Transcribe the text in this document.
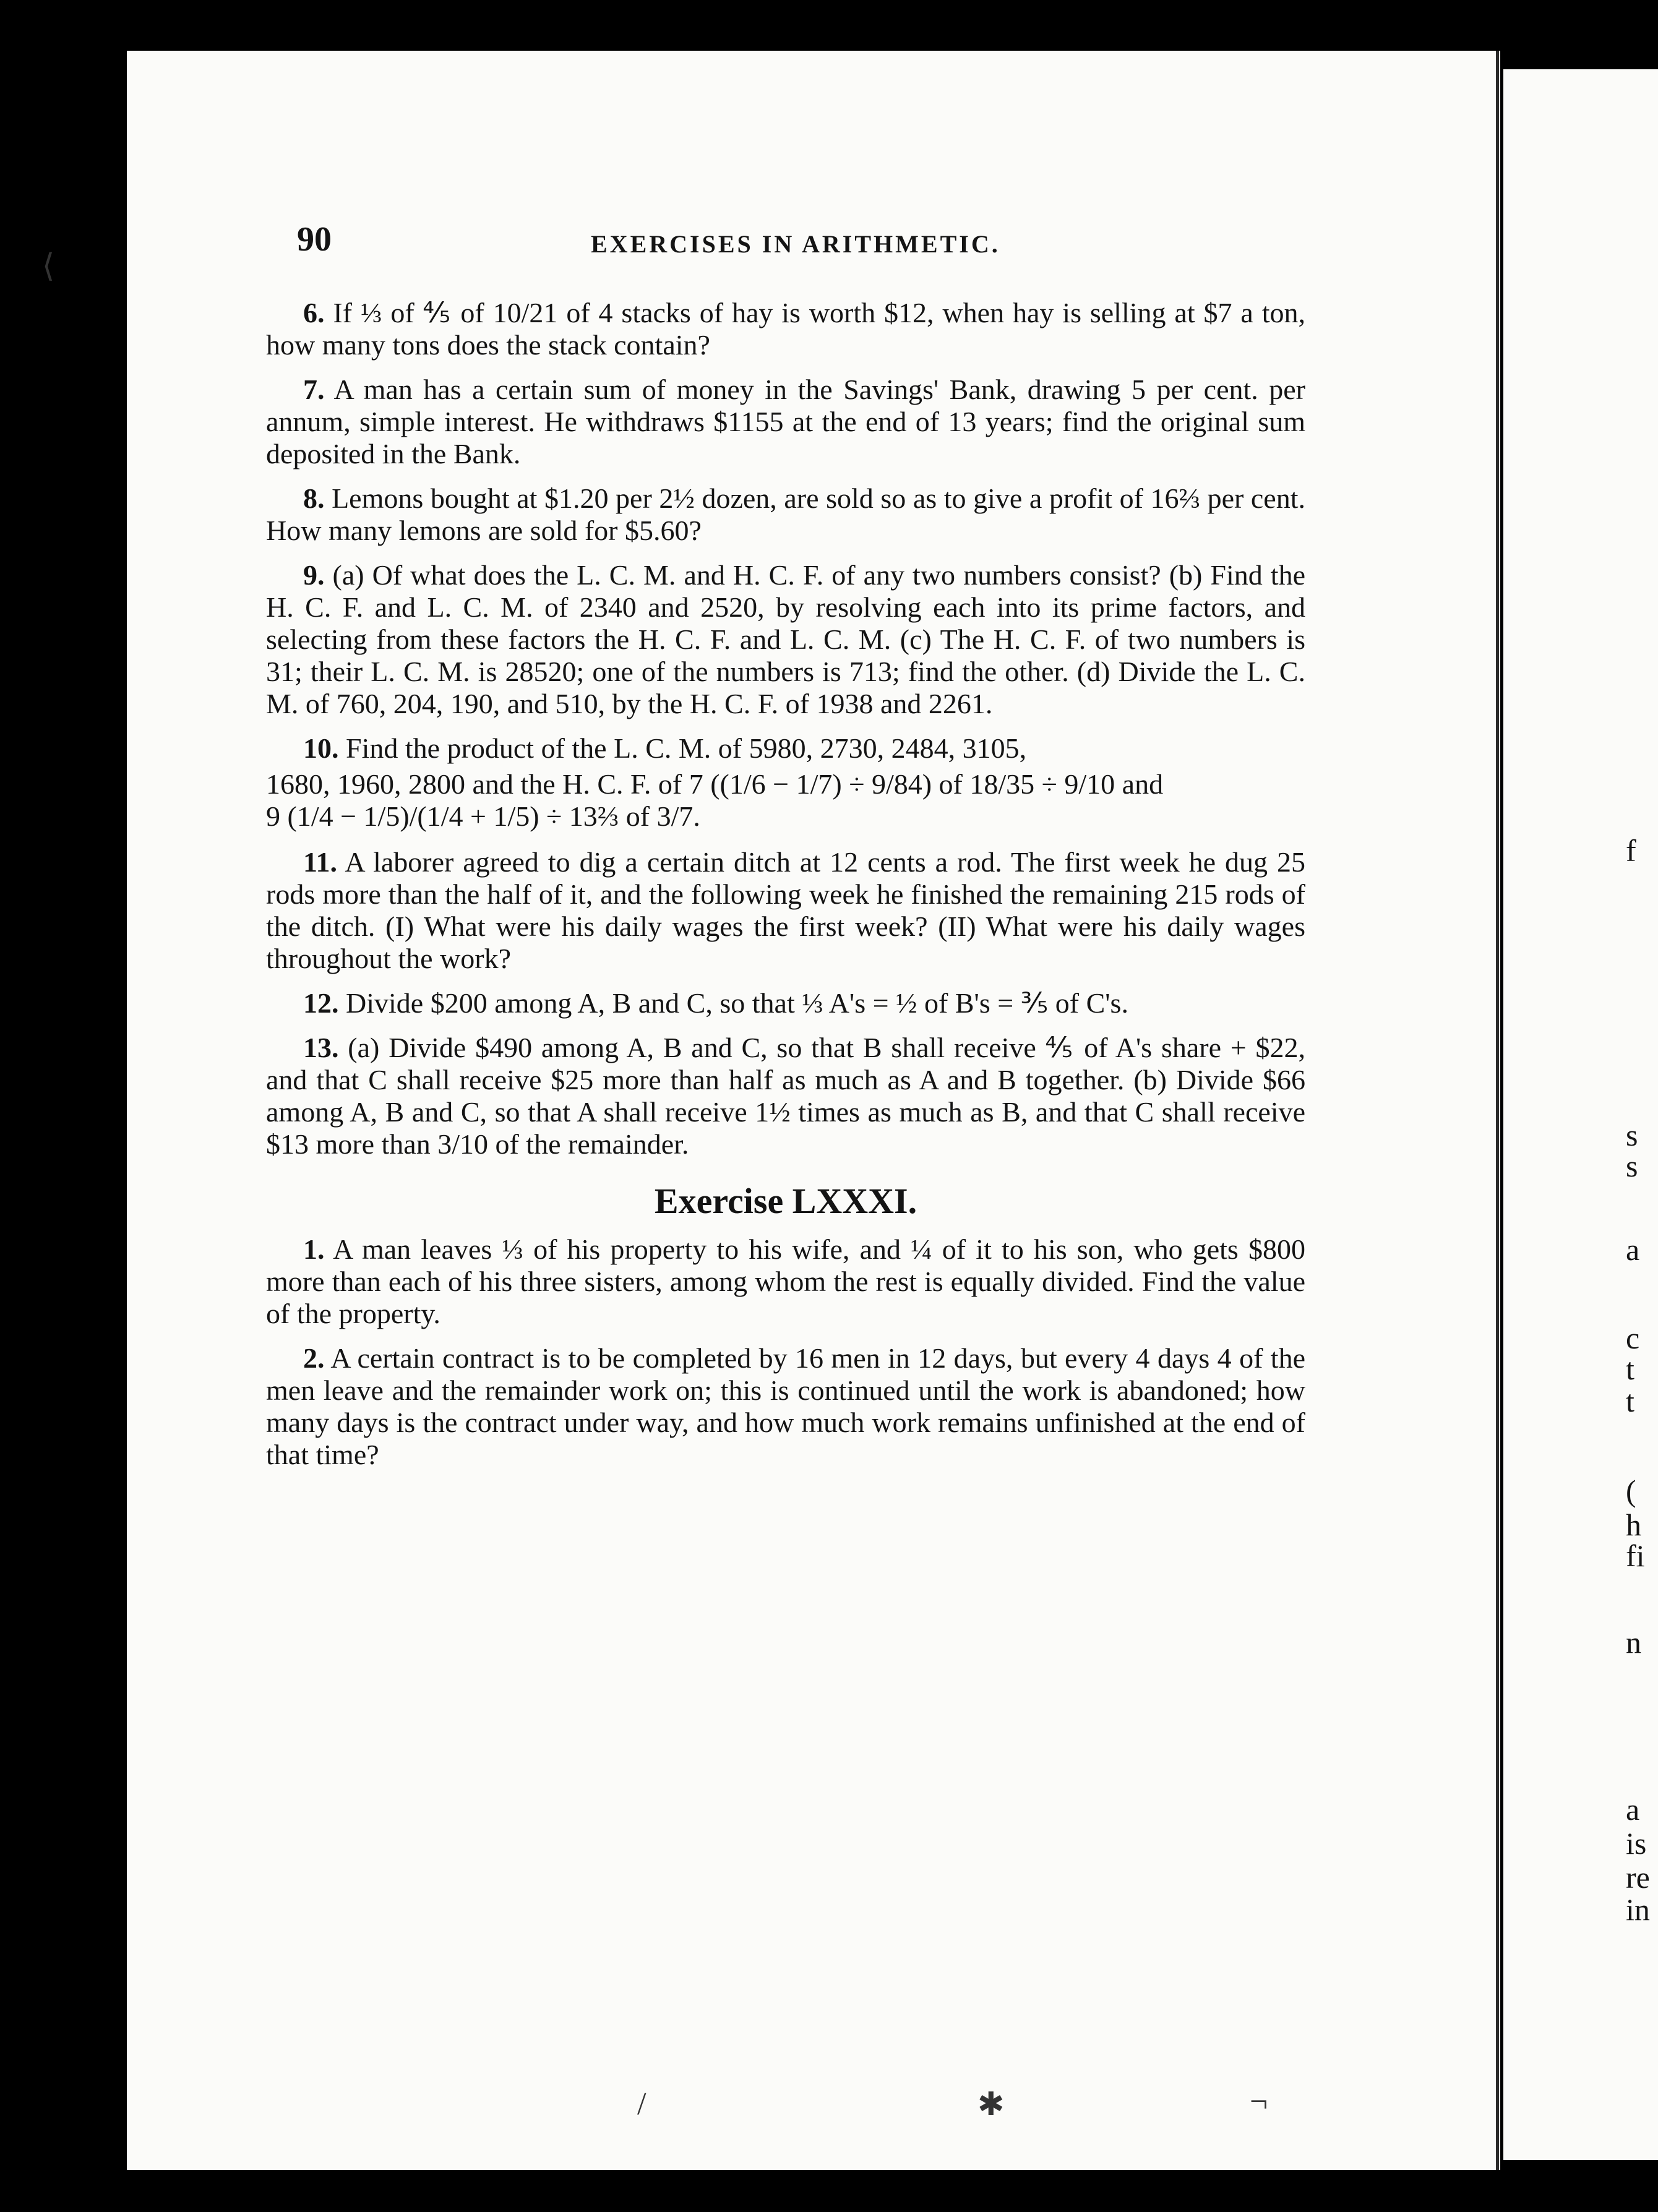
f
s
s
a
c
t
t
(
h
fi
n
a
is
re
in
⟨
/	✱	¬
90	EXERCISES IN ARITHMETIC.

6. If ⅓ of ⅘ of 10/21 of 4 stacks of hay is worth $12, when hay is selling at $7 a ton, how many tons does the stack contain?

7. A man has a certain sum of money in the Savings' Bank, drawing 5 per cent. per annum, simple interest. He withdraws $1155 at the end of 13 years; find the original sum deposited in the Bank.

8. Lemons bought at $1.20 per 2½ dozen, are sold so as to give a profit of 16⅔ per cent. How many lemons are sold for $5.60?

9. (a) Of what does the L. C. M. and H. C. F. of any two numbers consist? (b) Find the H. C. F. and L. C. M. of 2340 and 2520, by resolving each into its prime factors, and selecting from these factors the H. C. F. and L. C. M. (c) The H. C. F. of two numbers is 31; their L. C. M. is 28520; one of the numbers is 713; find the other. (d) Divide the L. C. M. of 760, 204, 190, and 510, by the H. C. F. of 1938 and 2261.

10. Find the product of the L. C. M. of 5980, 2730, 2484, 3105,

1680, 1960, 2800 and the H. C. F. of 7 ((1/6 − 1/7) ÷ 9/84) of 18/35 ÷ 9/10 and
9 (1/4 − 1/5)/(1/4 + 1/5) ÷ 13⅔ of 3/7.

11. A laborer agreed to dig a certain ditch at 12 cents a rod. The first week he dug 25 rods more than the half of it, and the following week he finished the remaining 215 rods of the ditch. (I) What were his daily wages the first week? (II) What were his daily wages throughout the work?

12. Divide $200 among A, B and C, so that ⅓ A's = ½ of B's = ⅗ of C's.

13. (a) Divide $490 among A, B and C, so that B shall receive ⅘ of A's share + $22, and that C shall receive $25 more than half as much as A and B together. (b) Divide $66 among A, B and C, so that A shall receive 1½ times as much as B, and that C shall receive $13 more than 3/10 of the remainder.

Exercise LXXXI.

1. A man leaves ⅓ of his property to his wife, and ¼ of it to his son, who gets $800 more than each of his three sisters, among whom the rest is equally divided. Find the value of the property.

2. A certain contract is to be completed by 16 men in 12 days, but every 4 days 4 of the men leave and the remainder work on; this is continued until the work is abandoned; how many days is the contract under way, and how much work remains unfinished at the end of that time?
